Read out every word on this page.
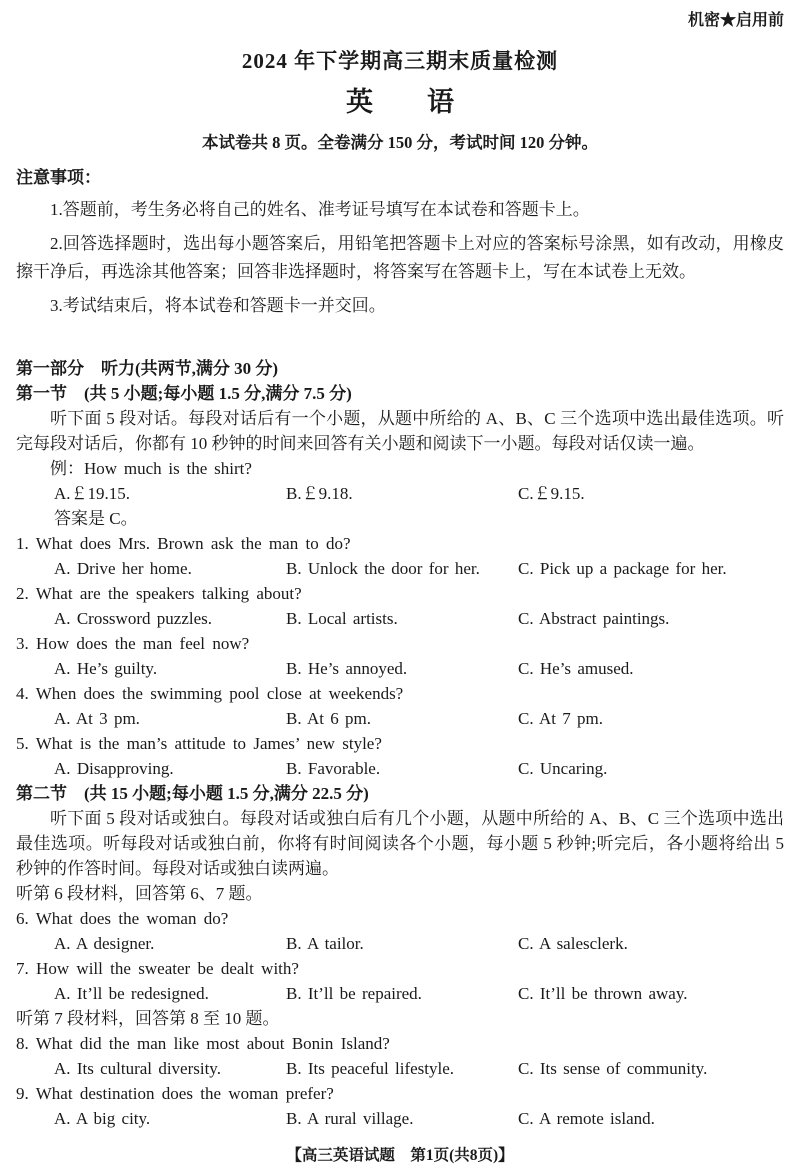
机密★启用前
2024 年下学期高三期末质量检测
英　　语
本试卷共 8 页。全卷满分 150 分，考试时间 120 分钟。
注意事项：
1.答题前，考生务必将自己的姓名、准考证号填写在本试卷和答题卡上。
2.回答选择题时，选出每小题答案后，用铅笔把答题卡上对应的答案标号涂黑，如有改动，用橡皮擦干净后，再选涂其他答案；回答非选择题时，将答案写在答题卡上，写在本试卷上无效。
3.考试结束后，将本试卷和答题卡一并交回。
第一部分　听力(共两节,满分 30 分)
第一节　(共 5 小题;每小题 1.5 分,满分 7.5 分)
听下面 5 段对话。每段对话后有一个小题，从题中所给的 A、B、C 三个选项中选出最佳选项。听完每段对话后，你都有 10 秒钟的时间来回答有关小题和阅读下一小题。每段对话仅读一遍。
例：How much is the shirt?
A.￡19.15.	B.￡9.18.	C.￡9.15.
答案是 C。
1. What does Mrs. Brown ask the man to do?
A. Drive her home.	B. Unlock the door for her.	C. Pick up a package for her.
2. What are the speakers talking about?
A. Crossword puzzles.	B. Local artists.	C. Abstract paintings.
3. How does the man feel now?
A. He’s guilty.	B. He’s annoyed.	C. He’s amused.
4. When does the swimming pool close at weekends?
A. At 3 pm.	B. At 6 pm.	C. At 7 pm.
5. What is the man’s attitude to James’ new style?
A. Disapproving.	B. Favorable.	C. Uncaring.
第二节　(共 15 小题;每小题 1.5 分,满分 22.5 分)
听下面 5 段对话或独白。每段对话或独白后有几个小题，从题中所给的 A、B、C 三个选项中选出最佳选项。听每段对话或独白前，你将有时间阅读各个小题，每小题 5 秒钟;听完后，各小题将给出 5 秒钟的作答时间。每段对话或独白读两遍。
听第 6 段材料，回答第 6、7 题。
6. What does the woman do?
A. A designer.	B. A tailor.	C. A salesclerk.
7. How will the sweater be dealt with?
A. It’ll be redesigned.	B. It’ll be repaired.	C. It’ll be thrown away.
听第 7 段材料，回答第 8 至 10 题。
8. What did the man like most about Bonin Island?
A. Its cultural diversity.	B. Its peaceful lifestyle.	C. Its sense of community.
9. What destination does the woman prefer?
A. A big city.	B. A rural village.	C. A remote island.
【高三英语试题　第1页(共8页)】
